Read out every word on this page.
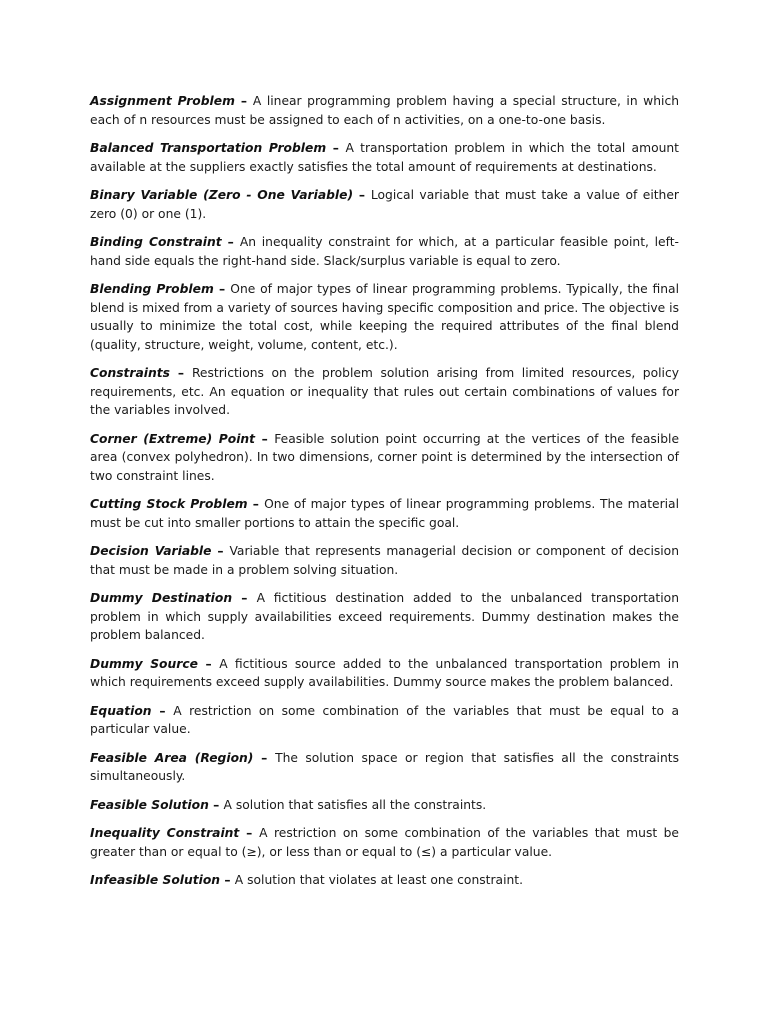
Assignment Problem – A linear programming problem having a special structure, in which each of n resources must be assigned to each of n activities, on a one-to-one basis.

Balanced Transportation Problem – A transportation problem in which the total amount available at the suppliers exactly satisfies the total amount of requirements at destinations.

Binary Variable (Zero - One Variable) – Logical variable that must take a value of either zero (0) or one (1).

Binding Constraint – An inequality constraint for which, at a particular feasible point, left-hand side equals the right-hand side. Slack/surplus variable is equal to zero.

Blending Problem – One of major types of linear programming problems. Typically, the final blend is mixed from a variety of sources having specific composition and price. The objective is usually to minimize the total cost, while keeping the required attributes of the final blend (quality, structure, weight, volume, content, etc.).

Constraints – Restrictions on the problem solution arising from limited resources, policy requirements, etc. An equation or inequality that rules out certain combinations of values for the variables involved.

Corner (Extreme) Point – Feasible solution point occurring at the vertices of the feasible area (convex polyhedron). In two dimensions, corner point is determined by the intersection of two constraint lines.

Cutting Stock Problem – One of major types of linear programming problems. The material must be cut into smaller portions to attain the specific goal.

Decision Variable – Variable that represents managerial decision or component of decision that must be made in a problem solving situation.

Dummy Destination – A fictitious destination added to the unbalanced transportation problem in which supply availabilities exceed requirements. Dummy destination makes the problem balanced.

Dummy Source – A fictitious source added to the unbalanced transportation problem in which requirements exceed supply availabilities. Dummy source makes the problem balanced.

Equation – A restriction on some combination of the variables that must be equal to a particular value.

Feasible Area (Region) – The solution space or region that satisfies all the constraints simultaneously.

Feasible Solution – A solution that satisfies all the constraints.

Inequality Constraint – A restriction on some combination of the variables that must be greater than or equal to (≥), or less than or equal to (≤) a particular value.

Infeasible Solution – A solution that violates at least one constraint.
